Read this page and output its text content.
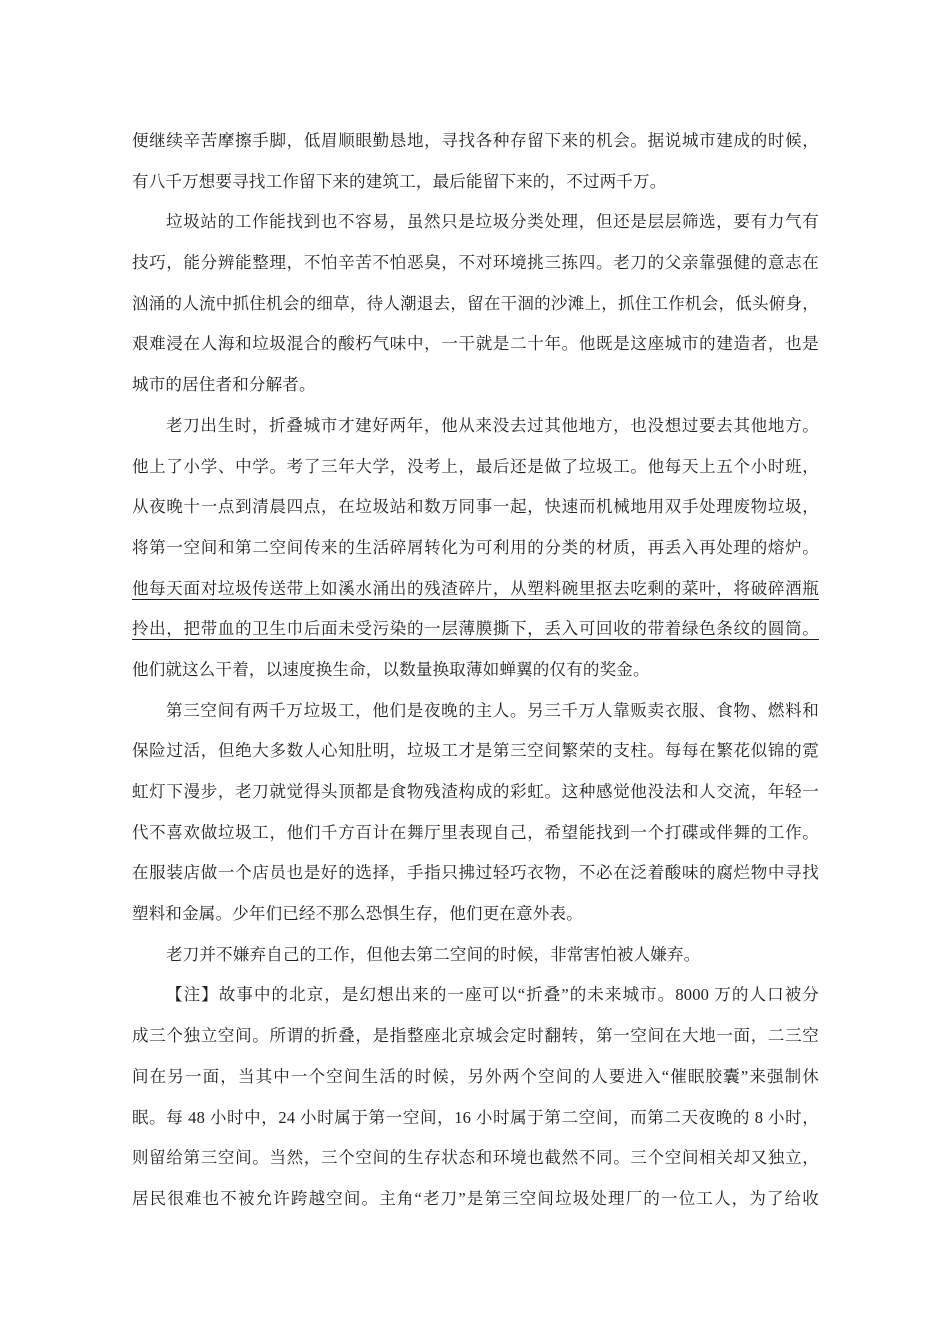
便继续辛苦摩擦手脚，低眉顺眼勤恳地，寻找各种存留下来的机会。据说城市建成的时候，
有八千万想要寻找工作留下来的建筑工，最后能留下来的，不过两千万。
垃圾站的工作能找到也不容易，虽然只是垃圾分类处理，但还是层层筛选，要有力气有
技巧，能分辨能整理，不怕辛苦不怕恶臭，不对环境挑三拣四。老刀的父亲靠强健的意志在
汹涌的人流中抓住机会的细草，待人潮退去，留在干涸的沙滩上，抓住工作机会，低头俯身，
艰难浸在人海和垃圾混合的酸朽气味中，一干就是二十年。他既是这座城市的建造者，也是
城市的居住者和分解者。
老刀出生时，折叠城市才建好两年，他从来没去过其他地方，也没想过要去其他地方。
他上了小学、中学。考了三年大学，没考上，最后还是做了垃圾工。他每天上五个小时班，
从夜晚十一点到清晨四点，在垃圾站和数万同事一起，快速而机械地用双手处理废物垃圾，
将第一空间和第二空间传来的生活碎屑转化为可利用的分类的材质，再丢入再处理的熔炉。
他每天面对垃圾传送带上如溪水涌出的残渣碎片，从塑料碗里抠去吃剩的菜叶，将破碎酒瓶
拎出，把带血的卫生巾后面未受污染的一层薄膜撕下，丢入可回收的带着绿色条纹的圆筒。
他们就这么干着，以速度换生命，以数量换取薄如蝉翼的仅有的奖金。
第三空间有两千万垃圾工，他们是夜晚的主人。另三千万人靠贩卖衣服、食物、燃料和
保险过活，但绝大多数人心知肚明，垃圾工才是第三空间繁荣的支柱。每每在繁花似锦的霓
虹灯下漫步，老刀就觉得头顶都是食物残渣构成的彩虹。这种感觉他没法和人交流，年轻一
代不喜欢做垃圾工，他们千方百计在舞厅里表现自己，希望能找到一个打碟或伴舞的工作。
在服装店做一个店员也是好的选择，手指只拂过轻巧衣物，不必在泛着酸味的腐烂物中寻找
塑料和金属。少年们已经不那么恐惧生存，他们更在意外表。
老刀并不嫌弃自己的工作，但他去第二空间的时候，非常害怕被人嫌弃。
【注】故事中的北京，是幻想出来的一座可以“折叠”的未来城市。8000 万的人口被分
成三个独立空间。所谓的折叠，是指整座北京城会定时翻转，第一空间在大地一面，二三空
间在另一面，当其中一个空间生活的时候，另外两个空间的人要进入“催眠胶囊”来强制休
眠。每 48 小时中，24 小时属于第一空间，16 小时属于第二空间，而第二天夜晚的 8 小时，
则留给第三空间。当然，三个空间的生存状态和环境也截然不同。三个空间相关却又独立，
居民很难也不被允许跨越空间。主角“老刀”是第三空间垃圾处理厂的一位工人，为了给收
